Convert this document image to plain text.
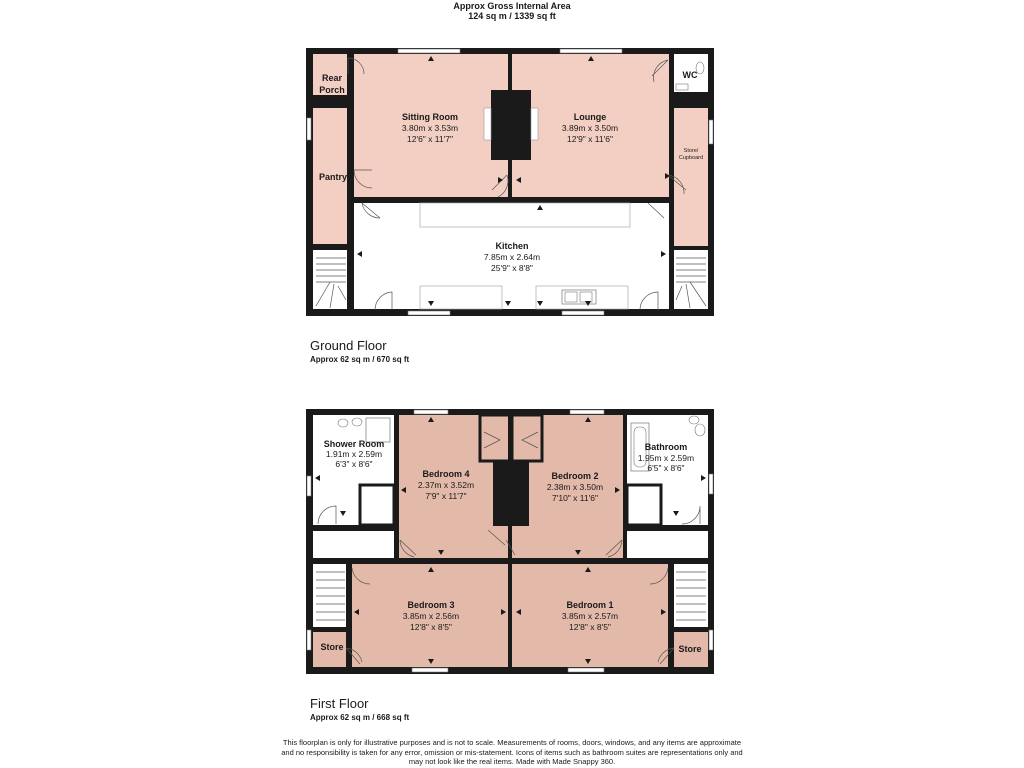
Approx Gross Internal Area
124 sq m / 1339 sq ft
Rear
Porch
Sitting Room
3.80m x 3.53m
12'6" x 11'7"
Lounge
3.89m x 3.50m
12'9" x 11'6"
WC
Store/
Cupboard
Pantry
Kitchen
7.85m x 2.64m
25'9" x 8'8"
Shower Room
1.91m x 2.59m
6'3" x 8'6"
Bedroom 4
2.37m x 3.52m
7'9" x 11'7"
Bedroom 2
2.38m x 3.50m
7'10" x 11'6"
Bathroom
1.95m x 2.59m
6'5" x 8'6"
Bedroom 3
3.85m x 2.56m
12'8" x 8'5"
Bedroom 1
3.85m x 2.57m
12'8" x 8'5"
Store	Store
Ground Floor
Approx 62 sq m / 670 sq ft
First Floor
Approx 62 sq m / 668 sq ft
This floorplan is only for illustrative purposes and is not to scale. Measurements of rooms, doors, windows, and any items are approximate
and no responsibility is taken for any error, omission or mis-statement. Icons of items such as bathroom suites are representations only and
may not look like the real items. Made with Made Snappy 360.
